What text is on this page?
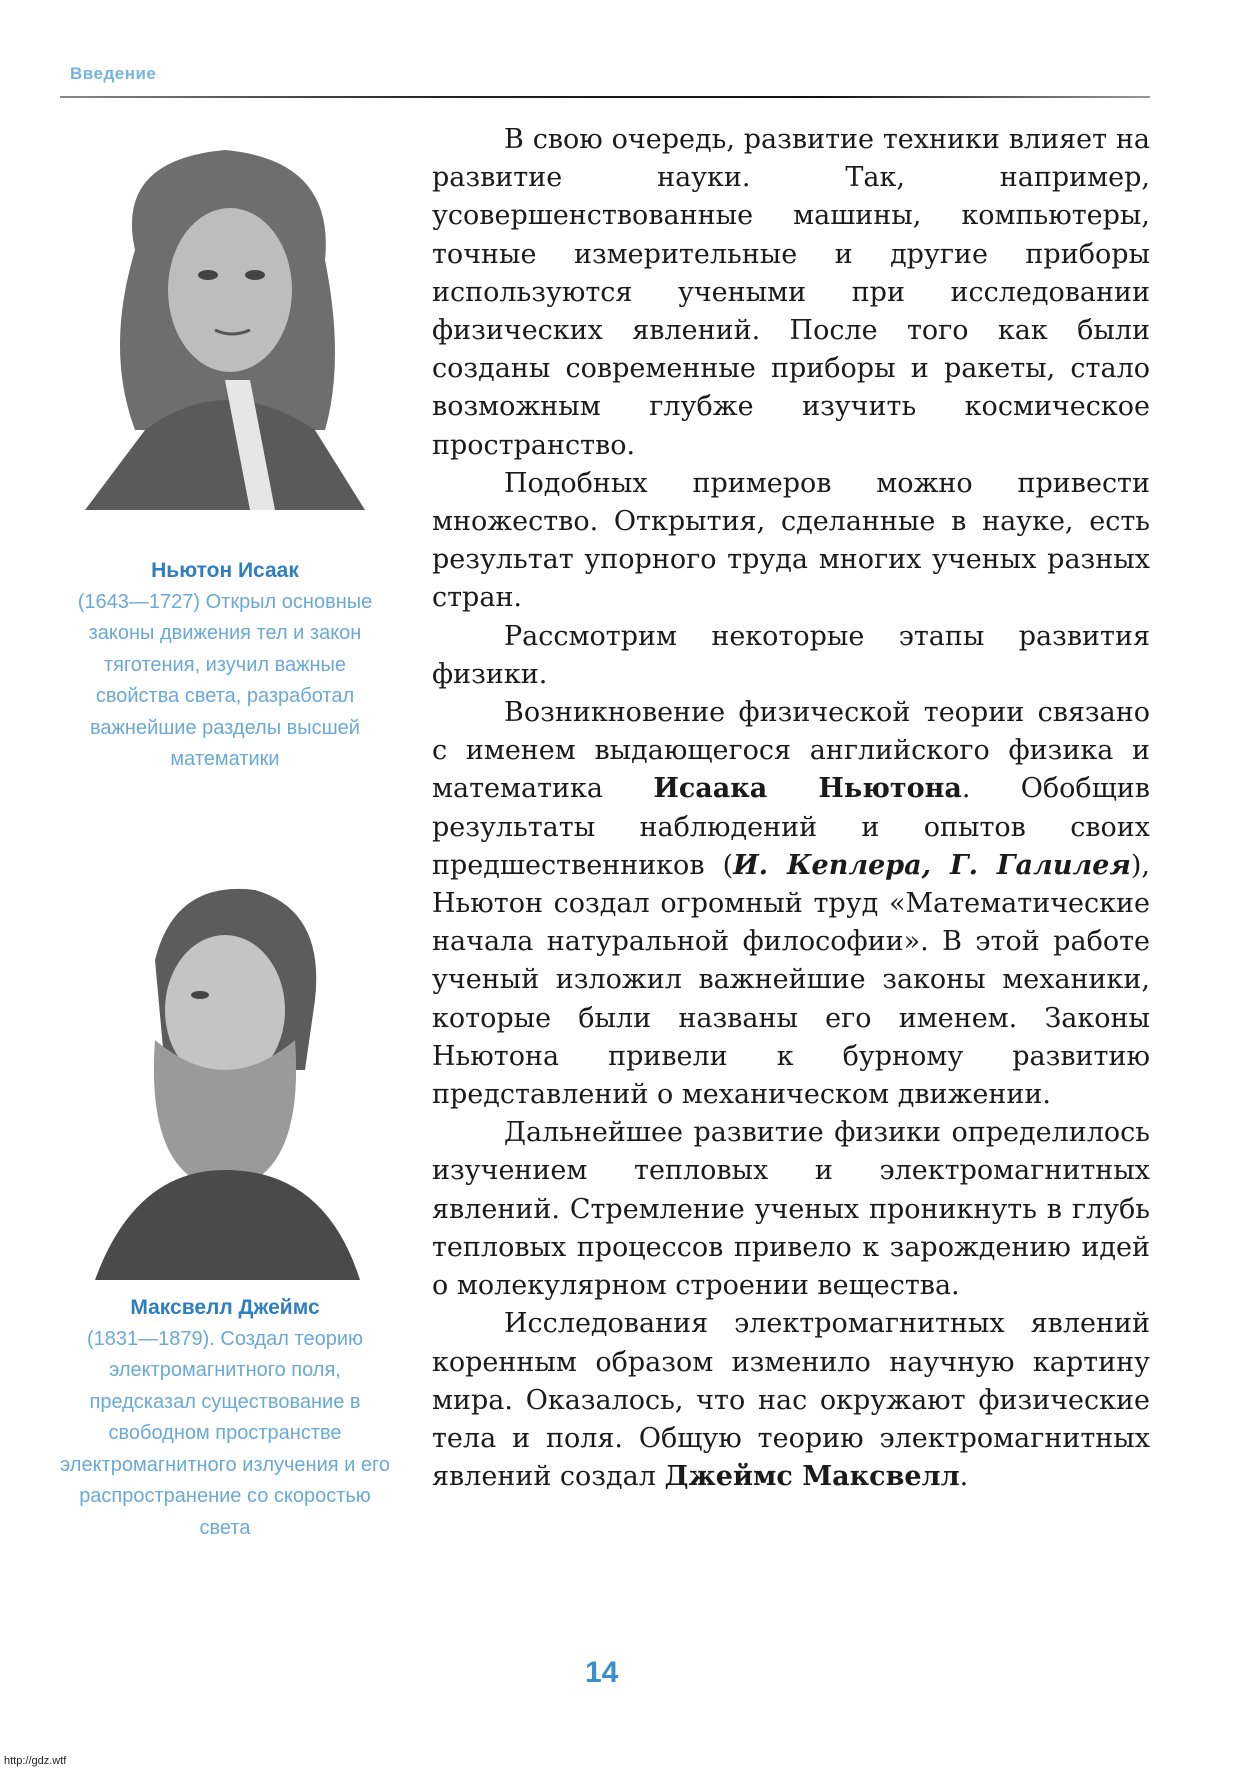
Введение
Ньютон Исаак
(1643—1727) Открыл основные законы движения тел и закон тяготения, изучил важные свойства света, разработал важнейшие разделы высшей математики
Максвелл Джеймс
(1831—1879). Создал теорию электромагнитного поля, предсказал существование в свободном пространстве электромагнитного излучения и его распространение со скоростью света

В свою очередь, развитие техники влияет на развитие науки. Так, например, усовершенствованные машины, компьютеры, точные измерительные и другие приборы используются учеными при исследовании физических явлений. После того как были созданы современные приборы и ракеты, стало возможным глубже изучить космическое пространство.

Подобных примеров можно привести множество. Открытия, сделанные в науке, есть результат упорного труда многих ученых разных стран.

Рассмотрим некоторые этапы развития физики.

Возникновение физической теории связано с именем выдающегося английского физика и математика Исаака Ньютона. Обобщив результаты наблюдений и опытов своих предшественников (И. Кеплера, Г. Галилея), Ньютон создал огромный труд «Математические начала натуральной философии». В этой работе ученый изложил важнейшие законы механики, которые были названы его именем. Законы Ньютона привели к бурному развитию представлений о механическом движении.

Дальнейшее развитие физики определилось изучением тепловых и электромагнитных явлений. Стремление ученых проникнуть в глубь тепловых процессов привело к зарождению идей о молекулярном строении вещества.

Исследования электромагнитных явлений коренным образом изменило научную картину мира. Оказалось, что нас окружают физические тела и поля. Общую теорию электромагнитных явлений создал Джеймс Максвелл.

14
http://gdz.wtf
